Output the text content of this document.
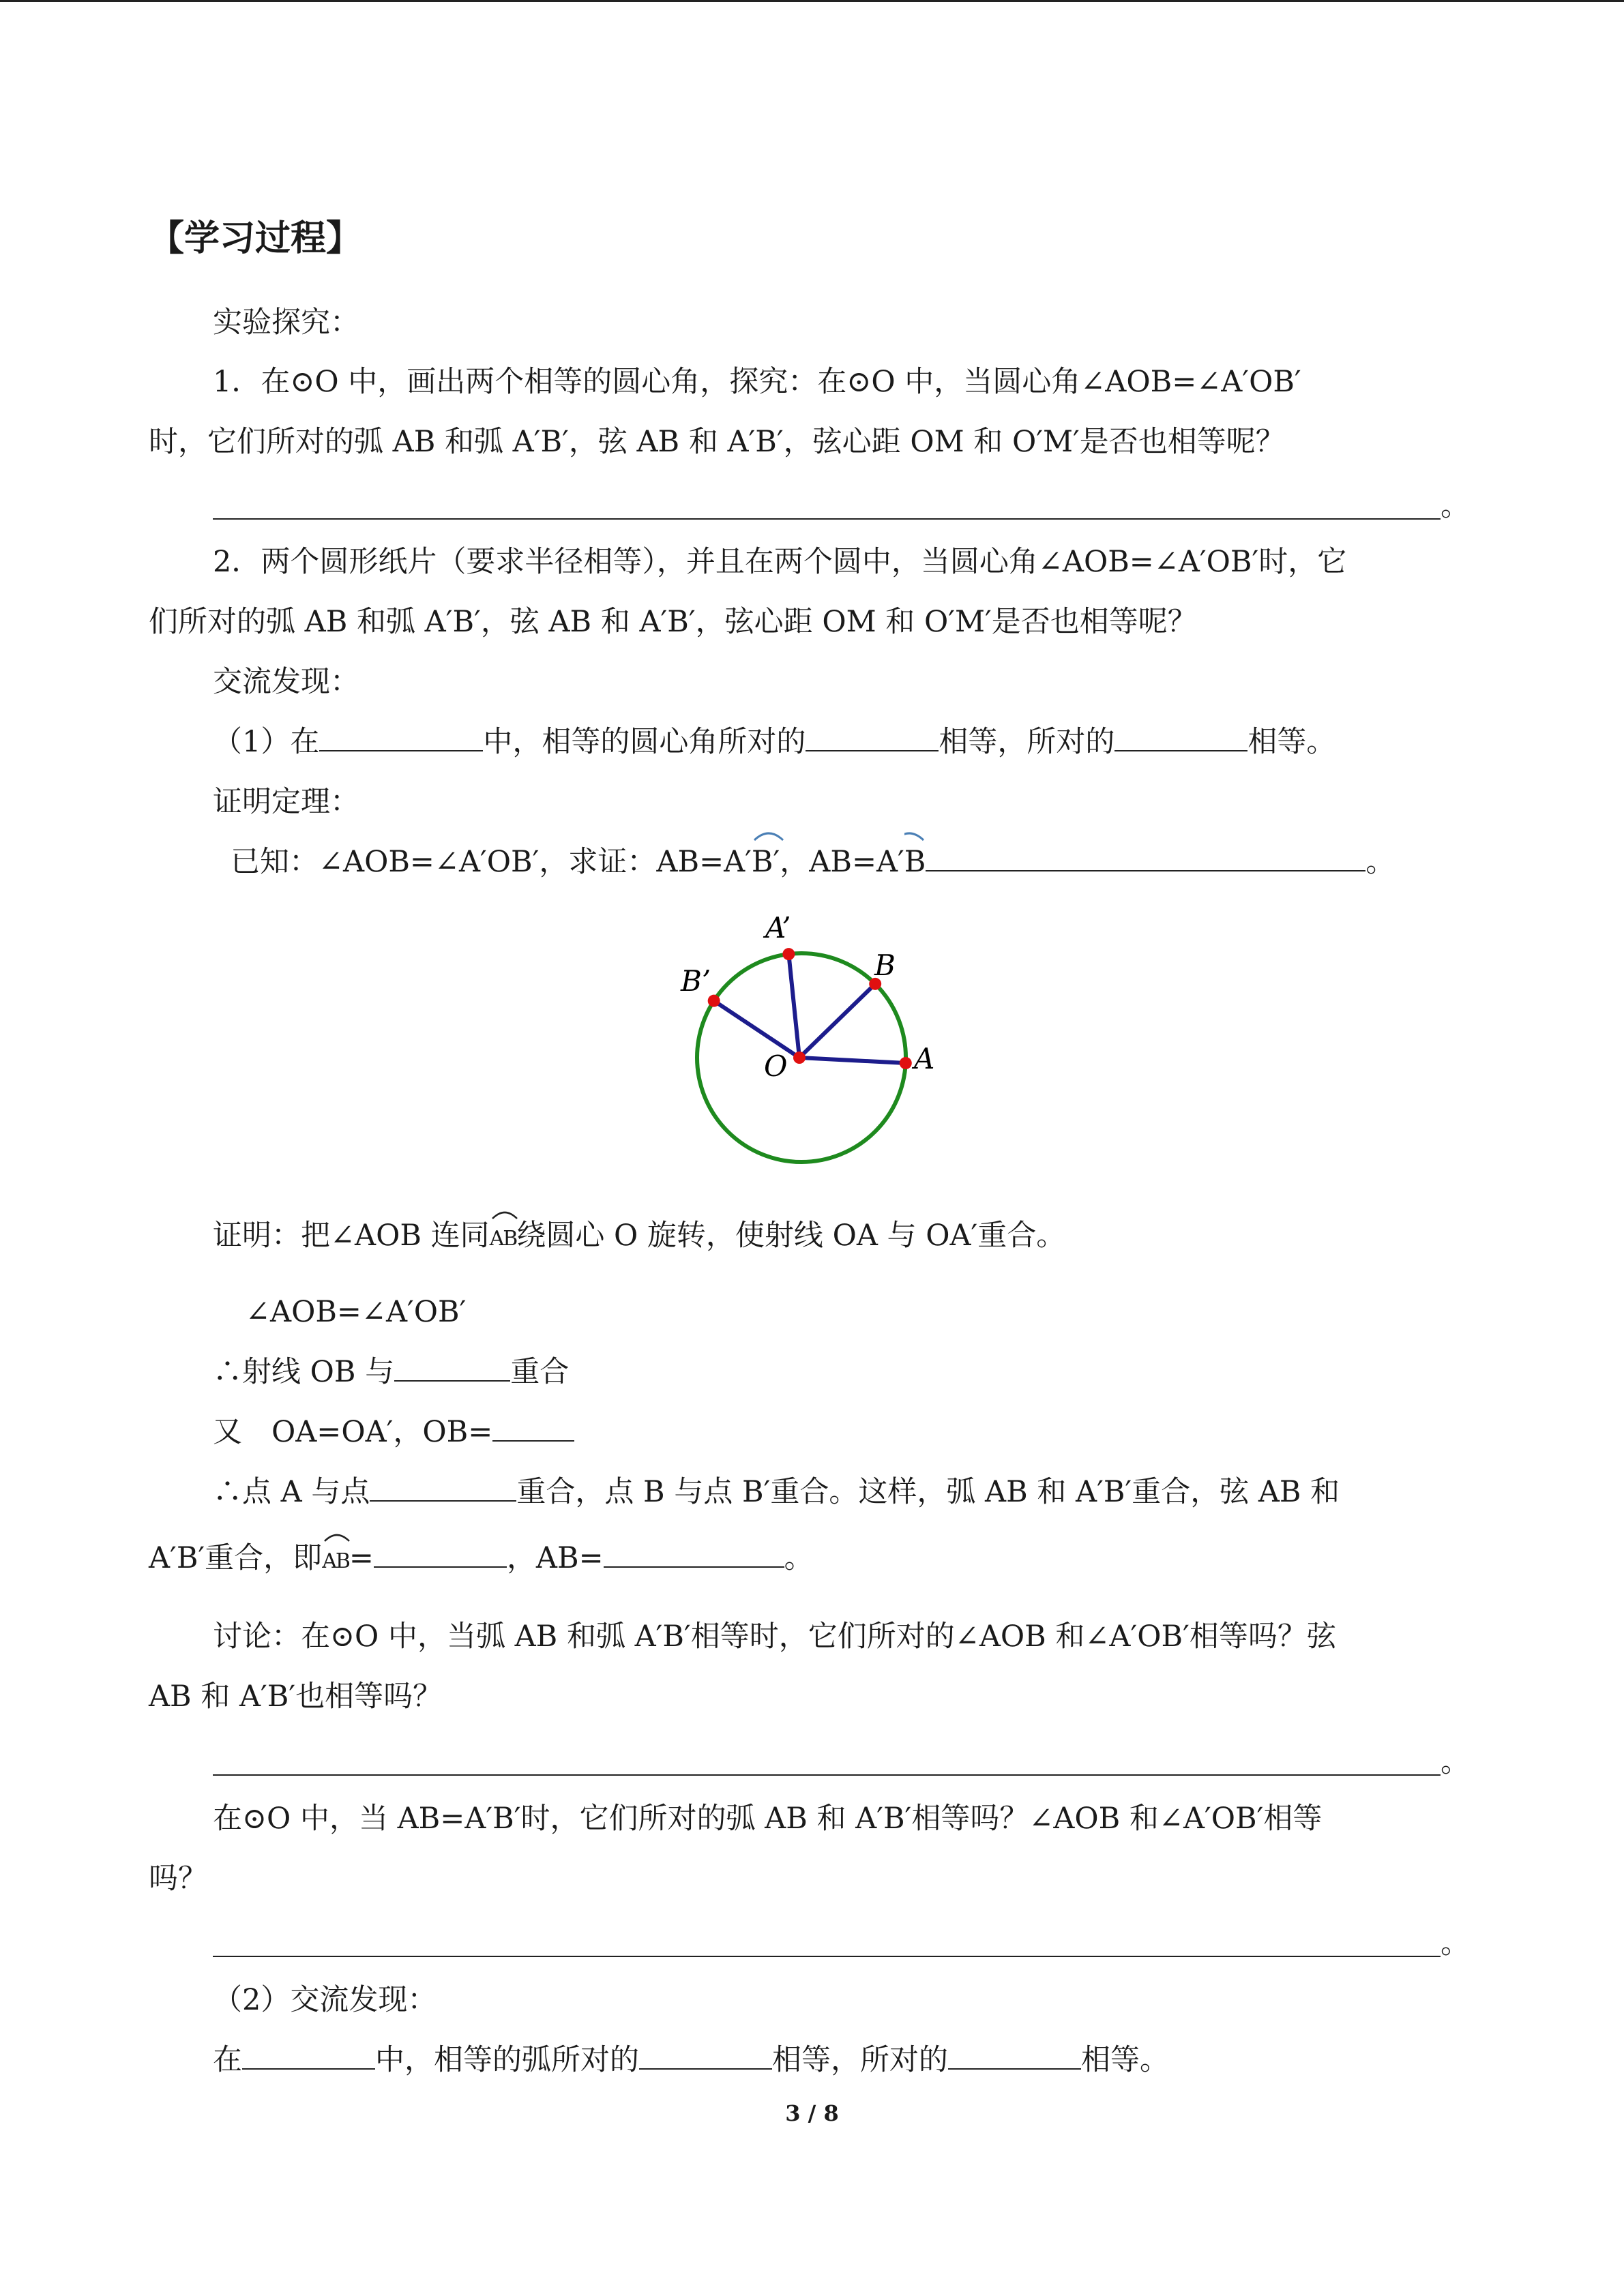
【学习过程】
实验探究：
1．在⊙O 中，画出两个相等的圆心角，探究：在⊙O 中，当圆心角∠AOB=∠A′OB′
时，它们所对的弧 AB 和弧 A′B′，弦 AB 和 A′B′，弦心距 OM 和 O′M′是否也相等呢？
。
2．两个圆形纸片（要求半径相等），并且在两个圆中，当圆心角∠AOB=∠A′OB′时，它
们所对的弧 AB 和弧 A′B′，弦 AB 和 A′B′，弦心距 OM 和 O′M′是否也相等呢？
交流发现：
（1）在	中，相等的圆心角所对的	相等，所对的	相等。
证明定理：
已知：∠AOB=∠A′OB′，求证：AB=A′
B′，AB=A′
B	。
O	A
B
A’
B’
证明：把∠AOB 连同
AB绕圆心 O 旋转，使射线 OA 与 OA′重合。
∠AOB=∠A′OB′
∴射线 OB 与	重合
又　OA=OA′，OB=
∴点 A 与点	重合，点 B 与点 B′重合。这样，弧 AB 和 A′B′重合，弦 AB 和
A′B′重合，即
AB=	，AB=	。
讨论：在⊙O 中，当弧 AB 和弧 A′B′相等时，它们所对的∠AOB 和∠A′OB′相等吗？弦
AB 和 A′B′也相等吗？
。
在⊙O 中，当 AB=A′B′时，它们所对的弧 AB 和 A′B′相等吗？∠AOB 和∠A′OB′相等
吗？
。
（2）交流发现：
在	中，相等的弧所对的	相等，所对的	相等。
3 / 8
